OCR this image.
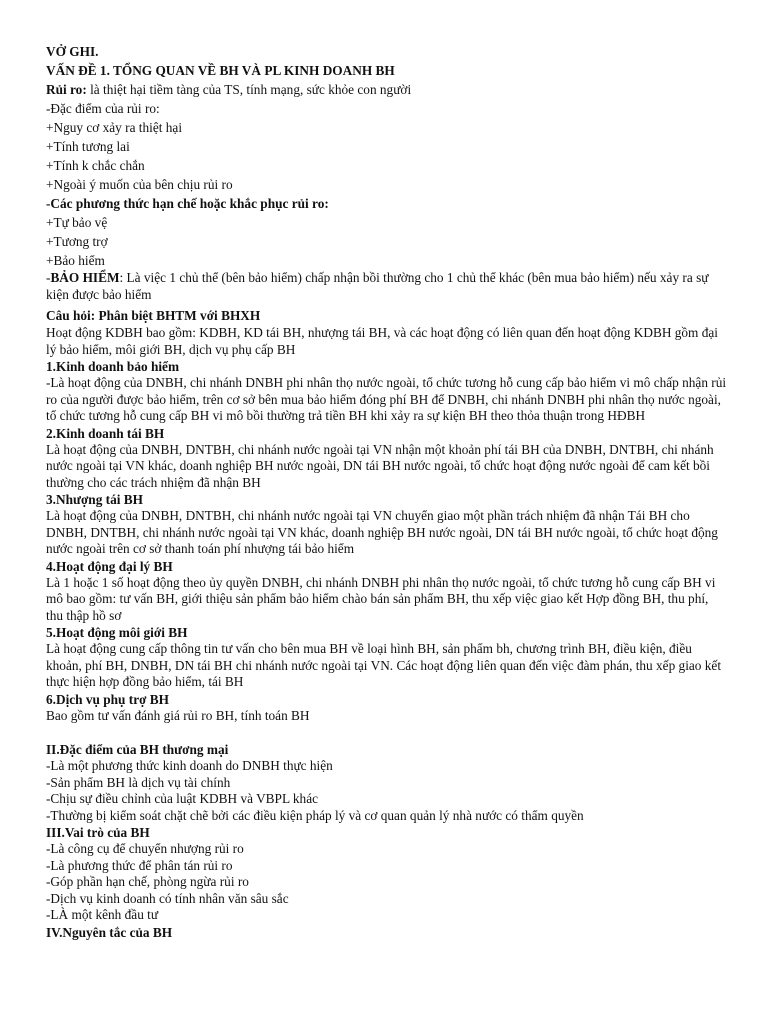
VỞ GHI.

VẤN ĐỀ 1. TỔNG QUAN VỀ BH VÀ PL KINH DOANH BH

Rủi ro: là thiệt hại tiềm tàng của TS, tính mạng, sức khỏe con người

-Đặc điểm của rủi ro:

+Nguy cơ xảy ra thiệt hại

+Tính tương lai

+Tính k chắc chắn

+Ngoài ý muốn của bên chịu rủi ro

-Các phương thức hạn chế hoặc khắc phục rủi ro:

+Tự bảo vệ

+Tương trợ

+Bảo hiểm

-BẢO HIỂM: Là việc 1 chủ thể (bên bảo hiểm) chấp nhận bồi thường cho 1 chủ thể khác (bên mua bảo hiểm) nếu xảy ra sự kiện được bảo hiểm

Câu hỏi: Phân biệt BHTM với BHXH

Hoạt động KDBH bao gồm: KDBH, KD tái BH, nhượng tái BH, và các hoạt động có liên quan đến hoạt động KDBH gồm đại lý bảo hiểm, môi giới BH, dịch vụ phụ cấp BH

1.Kinh doanh bảo hiểm

-Là hoạt động của DNBH, chi nhánh DNBH phi nhân thọ nước ngoài, tổ chức tương hỗ cung cấp bảo hiểm vi mô chấp nhận rủi ro của người được bảo hiểm, trên cơ sở bên mua bảo hiểm đóng phí BH để DNBH, chi nhánh DNBH phi nhân thọ nước ngoài, tổ chức tương hỗ cung cấp BH vi mô bồi thường trả tiền BH khi xảy ra sự kiện BH theo thỏa thuận trong HĐBH

2.Kinh doanh tái BH

Là hoạt động của DNBH, DNTBH, chi nhánh nước ngoài tại VN nhận một khoản phí tái BH của DNBH, DNTBH, chi nhánh nước ngoài tại VN khác, doanh nghiệp BH nước ngoài, DN tái BH nước ngoài, tổ chức hoạt động nước ngoài để cam kết bồi thường cho các trách nhiệm đã nhận BH

3.Nhượng tái BH

Là hoạt động của DNBH, DNTBH, chi nhánh nước ngoài tại VN chuyển giao một phần trách nhiệm đã nhận Tái BH cho DNBH, DNTBH, chi nhánh nước ngoài tại VN khác, doanh nghiệp BH nước ngoài, DN tái BH nước ngoài, tổ chức hoạt động nước ngoài trên cơ sở thanh toán phí nhượng tái bảo hiểm

4.Hoạt động đại lý BH

Là 1 hoặc 1 số hoạt động theo ủy quyền DNBH, chi nhánh DNBH phi nhân thọ nước ngoài, tổ chức tương hỗ cung cấp BH vi mô bao gồm: tư vấn BH, giới thiệu sản phẩm bảo hiểm chào bán sản phẩm BH, thu xếp việc giao kết Hợp đồng BH, thu phí, thu thập hồ sơ

5.Hoạt động môi giới BH

Là hoạt động cung cấp thông tin tư vấn cho bên mua BH về loại hình BH, sản phẩm bh, chương trình BH, điều kiện, điều khoản, phí BH, DNBH, DN tái BH chi nhánh nước ngoài tại VN. Các hoạt động liên quan đến việc đàm phán, thu xếp giao kết thực hiện hợp đồng bảo hiểm, tái BH

6.Dịch vụ phụ trợ BH

Bao gồm tư vấn đánh giá rủi ro BH, tính toán BH

II.Đặc điểm của BH thương mại

-Là một phương thức kinh doanh do DNBH thực hiện

-Sản phẩm BH là dịch vụ tài chính

-Chịu sự điều chỉnh của luật KDBH và VBPL khác

-Thường bị kiểm soát chặt chẽ bởi các điều kiện pháp lý và cơ quan quản lý nhà nước có thẩm quyền

III.Vai trò của BH

-Là công cụ để chuyển nhượng rủi ro

-Là phương thức để phân tán rủi ro

-Góp phần hạn chế, phòng ngừa rủi ro

-Dịch vụ kinh doanh có tính nhân văn sâu sắc

-LÀ một kênh đầu tư

IV.Nguyên tắc của BH
